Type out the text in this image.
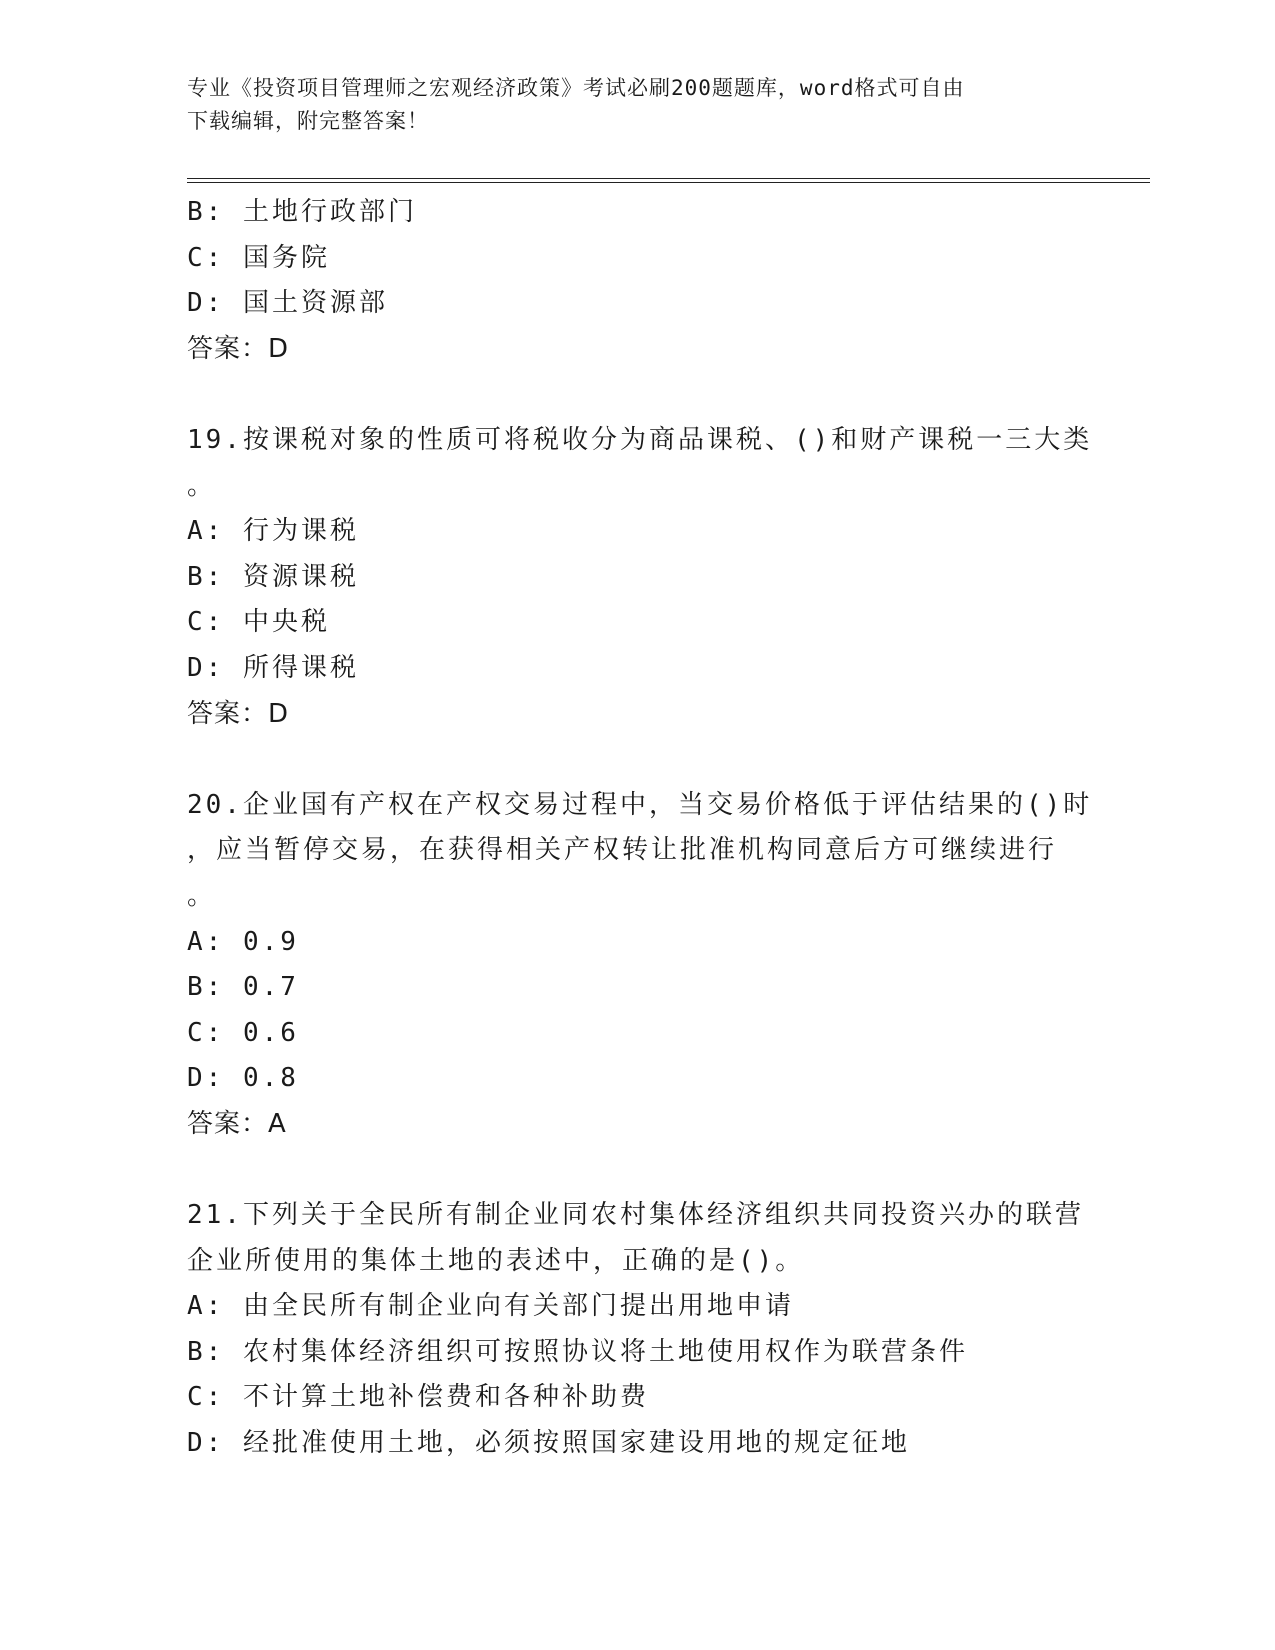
专业《投资项目管理师之宏观经济政策》考试必刷200题题库，word格式可自由
下载编辑，附完整答案！
B: 土地行政部门
C: 国务院
D: 国土资源部
答案：D
19.按课税对象的性质可将税收分为商品课税、()和财产课税一三大类
。
A: 行为课税
B: 资源课税
C: 中央税
D: 所得课税
答案：D
20.企业国有产权在产权交易过程中，当交易价格低于评估结果的()时
，应当暂停交易，在获得相关产权转让批准机构同意后方可继续进行
。
A: 0.9
B: 0.7
C: 0.6
D: 0.8
答案：A
21.下列关于全民所有制企业同农村集体经济组织共同投资兴办的联营
企业所使用的集体土地的表述中，正确的是()。
A: 由全民所有制企业向有关部门提出用地申请
B: 农村集体经济组织可按照协议将土地使用权作为联营条件
C: 不计算土地补偿费和各种补助费
D: 经批准使用土地，必须按照国家建设用地的规定征地
